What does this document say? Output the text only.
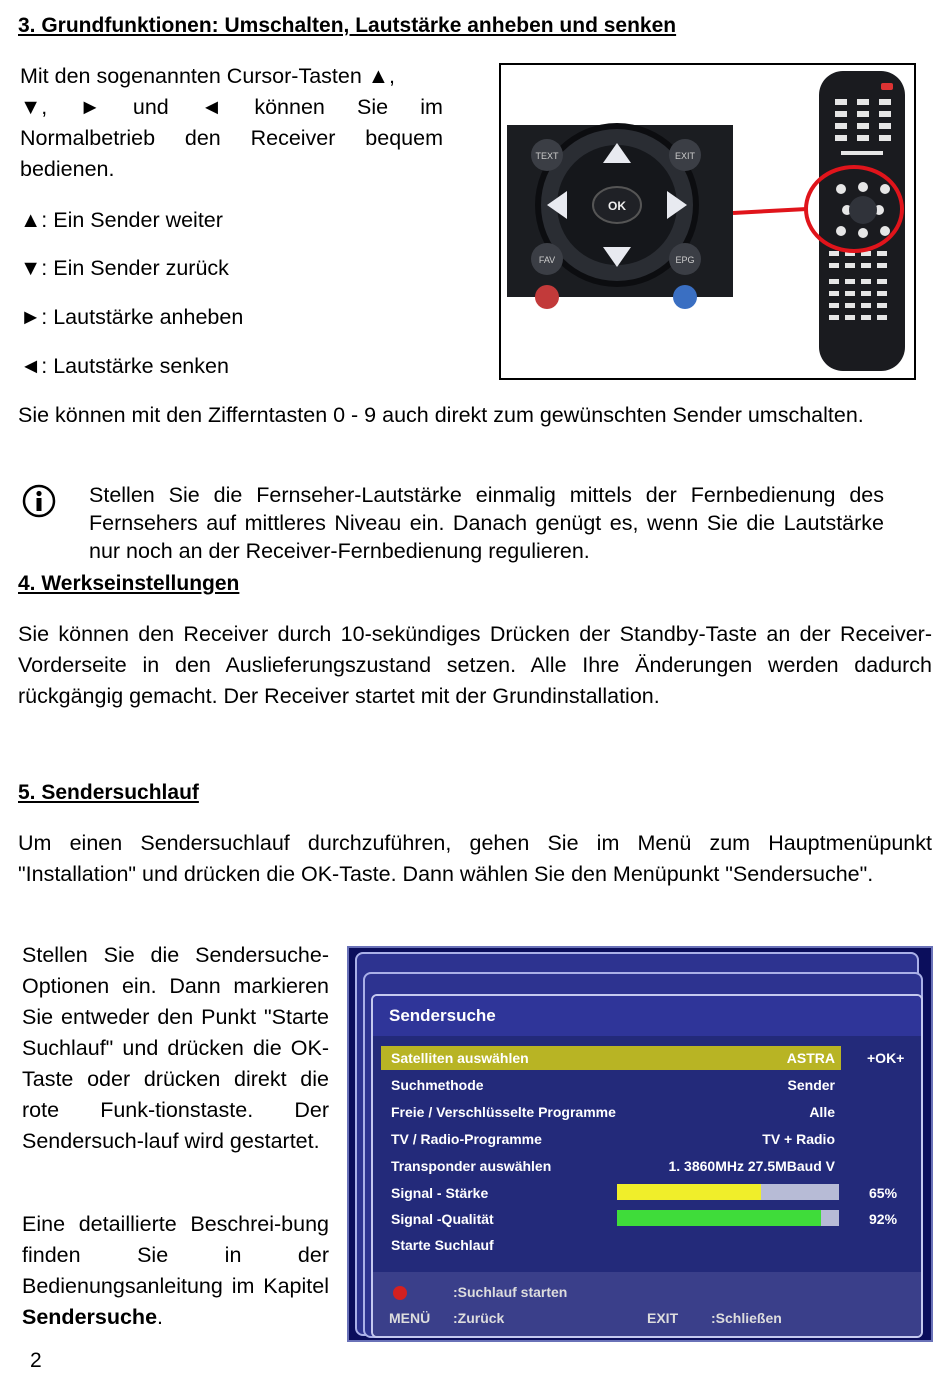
3. Grundfunktionen: Umschalten, Lautstärke anheben und senken
Mit den sogenannten Cursor-Tasten ▲,
▼, ► und ◄ können Sie im
Normalbetrieb den Receiver bequem
bedienen.
▲: Ein Sender weiter
▼: Ein Sender zurück
►: Lautstärke anheben
◄: Lautstärke senken
OK
TEXT	EXIT
FAV	EPG
Sie können mit den Zifferntasten 0 - 9 auch direkt zum gewünschten Sender umschalten.
Stellen Sie die Fernseher-Lautstärke einmalig mittels der Fernbedienung des Fernsehers auf mittleres Niveau ein. Danach genügt es, wenn Sie die Lautstärke nur noch an der Receiver-Fernbedienung regulieren.
4. Werkseinstellungen
Sie können den Receiver durch 10-sekündiges Drücken der Standby-Taste an der Receiver-Vorderseite in den Auslieferungszustand setzen. Alle Ihre Änderungen werden dadurch rückgängig gemacht. Der Receiver startet mit der Grundinstallation.
5. Sendersuchlauf
Um einen Sendersuchlauf durchzuführen, gehen Sie im Menü zum Hauptmenüpunkt "Installation" und drücken die OK-Taste. Dann wählen Sie den Menüpunkt "Sendersuche".
Stellen Sie die Sendersuche-Optionen ein. Dann markieren Sie entweder den Punkt "Starte Suchlauf" und drücken die OK-Taste oder drücken direkt die rote Funk-tionstaste. Der Sendersuch-lauf wird gestartet.
Eine detaillierte Beschrei-bung finden Sie in der Bedienungsanleitung im Kapitel Sendersuche.
Sendersuche
Satelliten auswählen	ASTRA +OK+
Suchmethode	Sender
Freie / Verschlüsselte Programme	Alle
TV / Radio-Programme	TV + Radio
Transponder auswählen	1. 3860MHz 27.5MBaud V
Signal - Stärke	65%
Signal -Qualität	92%
Starte Suchlauf
:Suchlauf starten
MENÜ :Zurück	EXIT :Schließen
2
